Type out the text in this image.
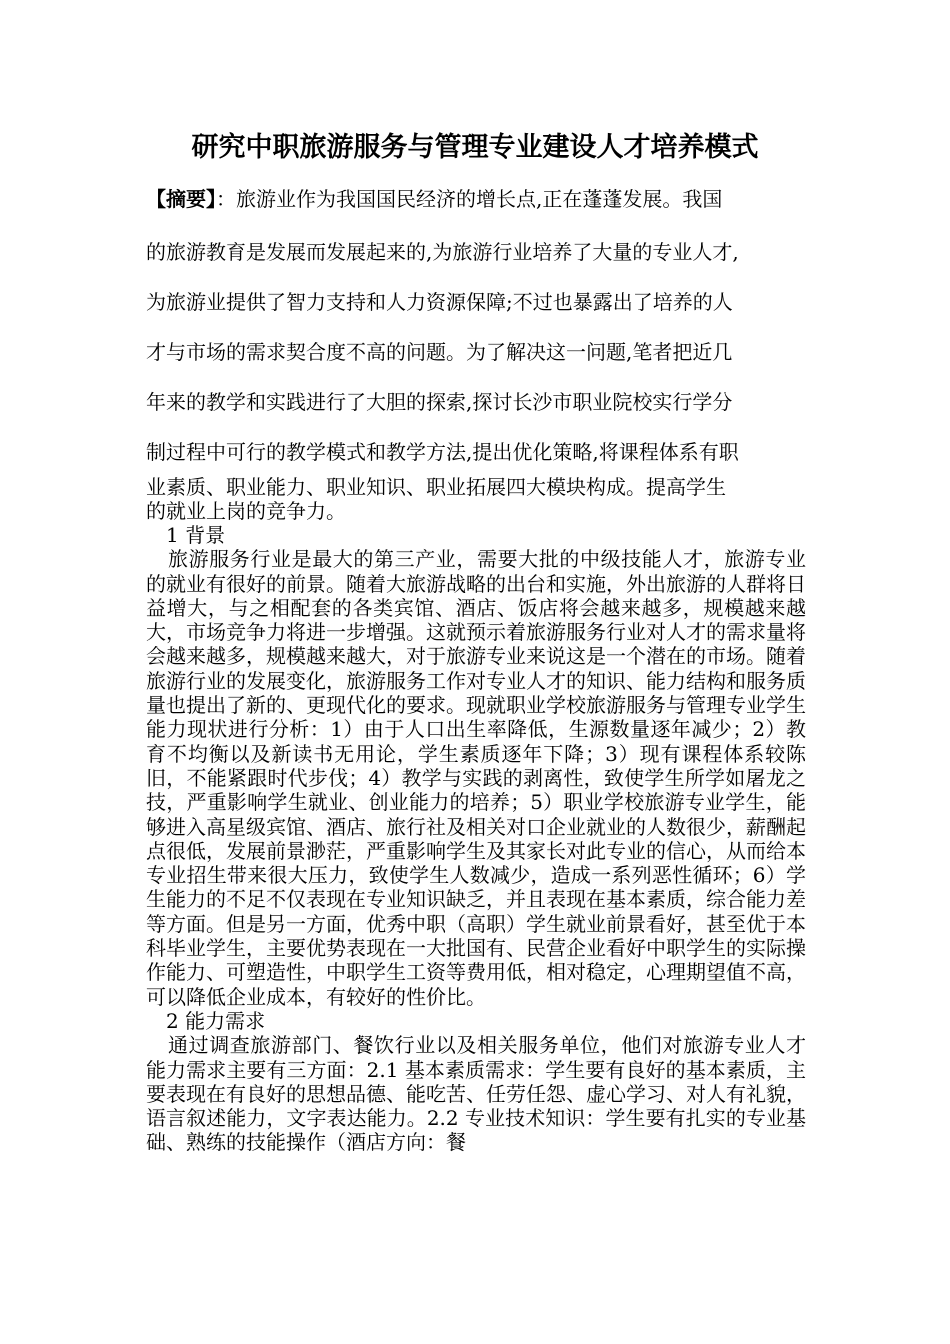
研究中职旅游服务与管理专业建设人才培养模式

【摘要】：旅游业作为我国国民经济的增长点,正在蓬蓬发展。我国

的旅游教育是发展而发展起来的,为旅游行业培养了大量的专业人才,

为旅游业提供了智力支持和人力资源保障;不过也暴露出了培养的人

才与市场的需求契合度不高的问题。为了解决这一问题,笔者把近几

年来的教学和实践进行了大胆的探索,探讨长沙市职业院校实行学分

制过程中可行的教学模式和教学方法,提出优化策略,将课程体系有职

业素质、职业能力、职业知识、职业拓展四大模块构成。提高学生

的就业上岗的竞争力。

1 背景

旅游服务行业是最大的第三产业，需要大批的中级技能人才，旅游专业的就业有很好的前景。随着大旅游战略的出台和实施，外出旅游的人群将日益增大，与之相配套的各类宾馆、酒店、饭店将会越来越多，规模越来越大，市场竞争力将进一步增强。这就预示着旅游服务行业对人才的需求量将会越来越多，规模越来越大，对于旅游专业来说这是一个潜在的市场。随着旅游行业的发展变化，旅游服务工作对专业人才的知识、能力结构和服务质量也提出了新的、更现代化的要求。现就职业学校旅游服务与管理专业学生能力现状进行分析：1）由于人口出生率降低，生源数量逐年减少；2）教育不均衡以及新读书无用论，学生素质逐年下降；3）现有课程体系较陈旧，不能紧跟时代步伐；4）教学与实践的剥离性，致使学生所学如屠龙之技，严重影响学生就业、创业能力的培养；5）职业学校旅游专业学生，能够进入高星级宾馆、酒店、旅行社及相关对口企业就业的人数很少，薪酬起点很低，发展前景渺茫，严重影响学生及其家长对此专业的信心，从而给本专业招生带来很大压力，致使学生人数减少，造成一系列恶性循环；6）学生能力的不足不仅表现在专业知识缺乏，并且表现在基本素质，综合能力差等方面。但是另一方面，优秀中职（高职）学生就业前景看好，甚至优于本科毕业学生，主要优势表现在一大批国有、民营企业看好中职学生的实际操作能力、可塑造性，中职学生工资等费用低，相对稳定，心理期望值不高，可以降低企业成本，有较好的性价比。

2 能力需求

通过调查旅游部门、餐饮行业以及相关服务单位，他们对旅游专业人才能力需求主要有三方面：2.1 基本素质需求：学生要有良好的基本素质，主要表现在有良好的思想品德、能吃苦、任劳任怨、虚心学习、对人有礼貌，语言叙述能力，文字表达能力。2.2 专业技术知识：学生要有扎实的专业基础、熟练的技能操作（酒店方向：餐
